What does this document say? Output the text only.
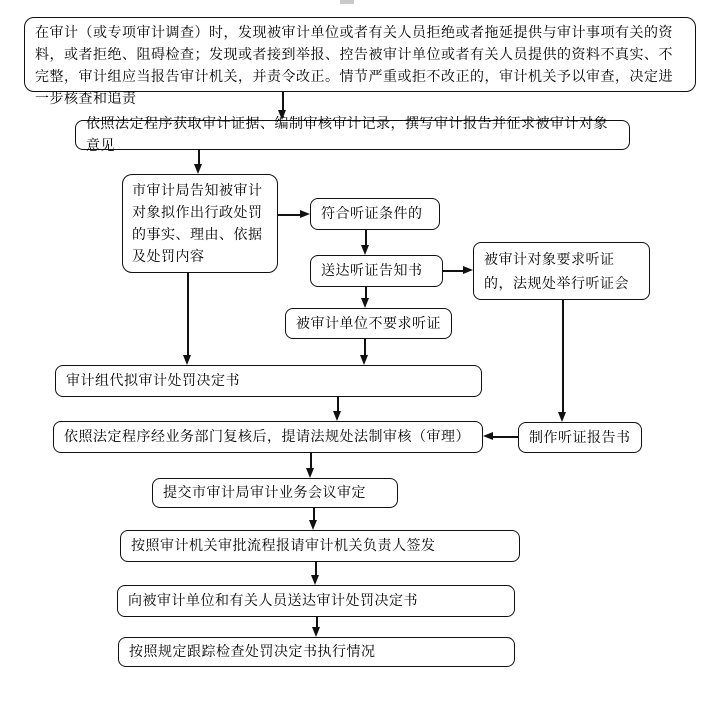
在审计（或专项审计调查）时，发现被审计单位或者有关人员拒绝或者拖延提供与审计事项有关的资料，或者拒绝、阻碍检查；发现或者接到举报、控告被审计单位或者有关人员提供的资料不真实、不完整，审计组应当报告审计机关，并责令改正。情节严重或拒不改正的，审计机关予以审查，决定进一步核查和追责
依照法定程序获取审计证据、编制审核审计记录，撰写审计报告并征求被审计对象意见
市审计局告知被审计对象拟作出行政处罚的事实、理由、依据及处罚内容
符合听证条件的
送达听证告知书
被审计单位不要求听证
被审计对象要求听证的，法规处举行听证会
审计组代拟审计处罚决定书
依照法定程序经业务部门复核后，提请法规处法制审核（审理）	制作听证报告书
提交市审计局审计业务会议审定
按照审计机关审批流程报请审计机关负责人签发
向被审计单位和有关人员送达审计处罚决定书
按照规定跟踪检查处罚决定书执行情况
